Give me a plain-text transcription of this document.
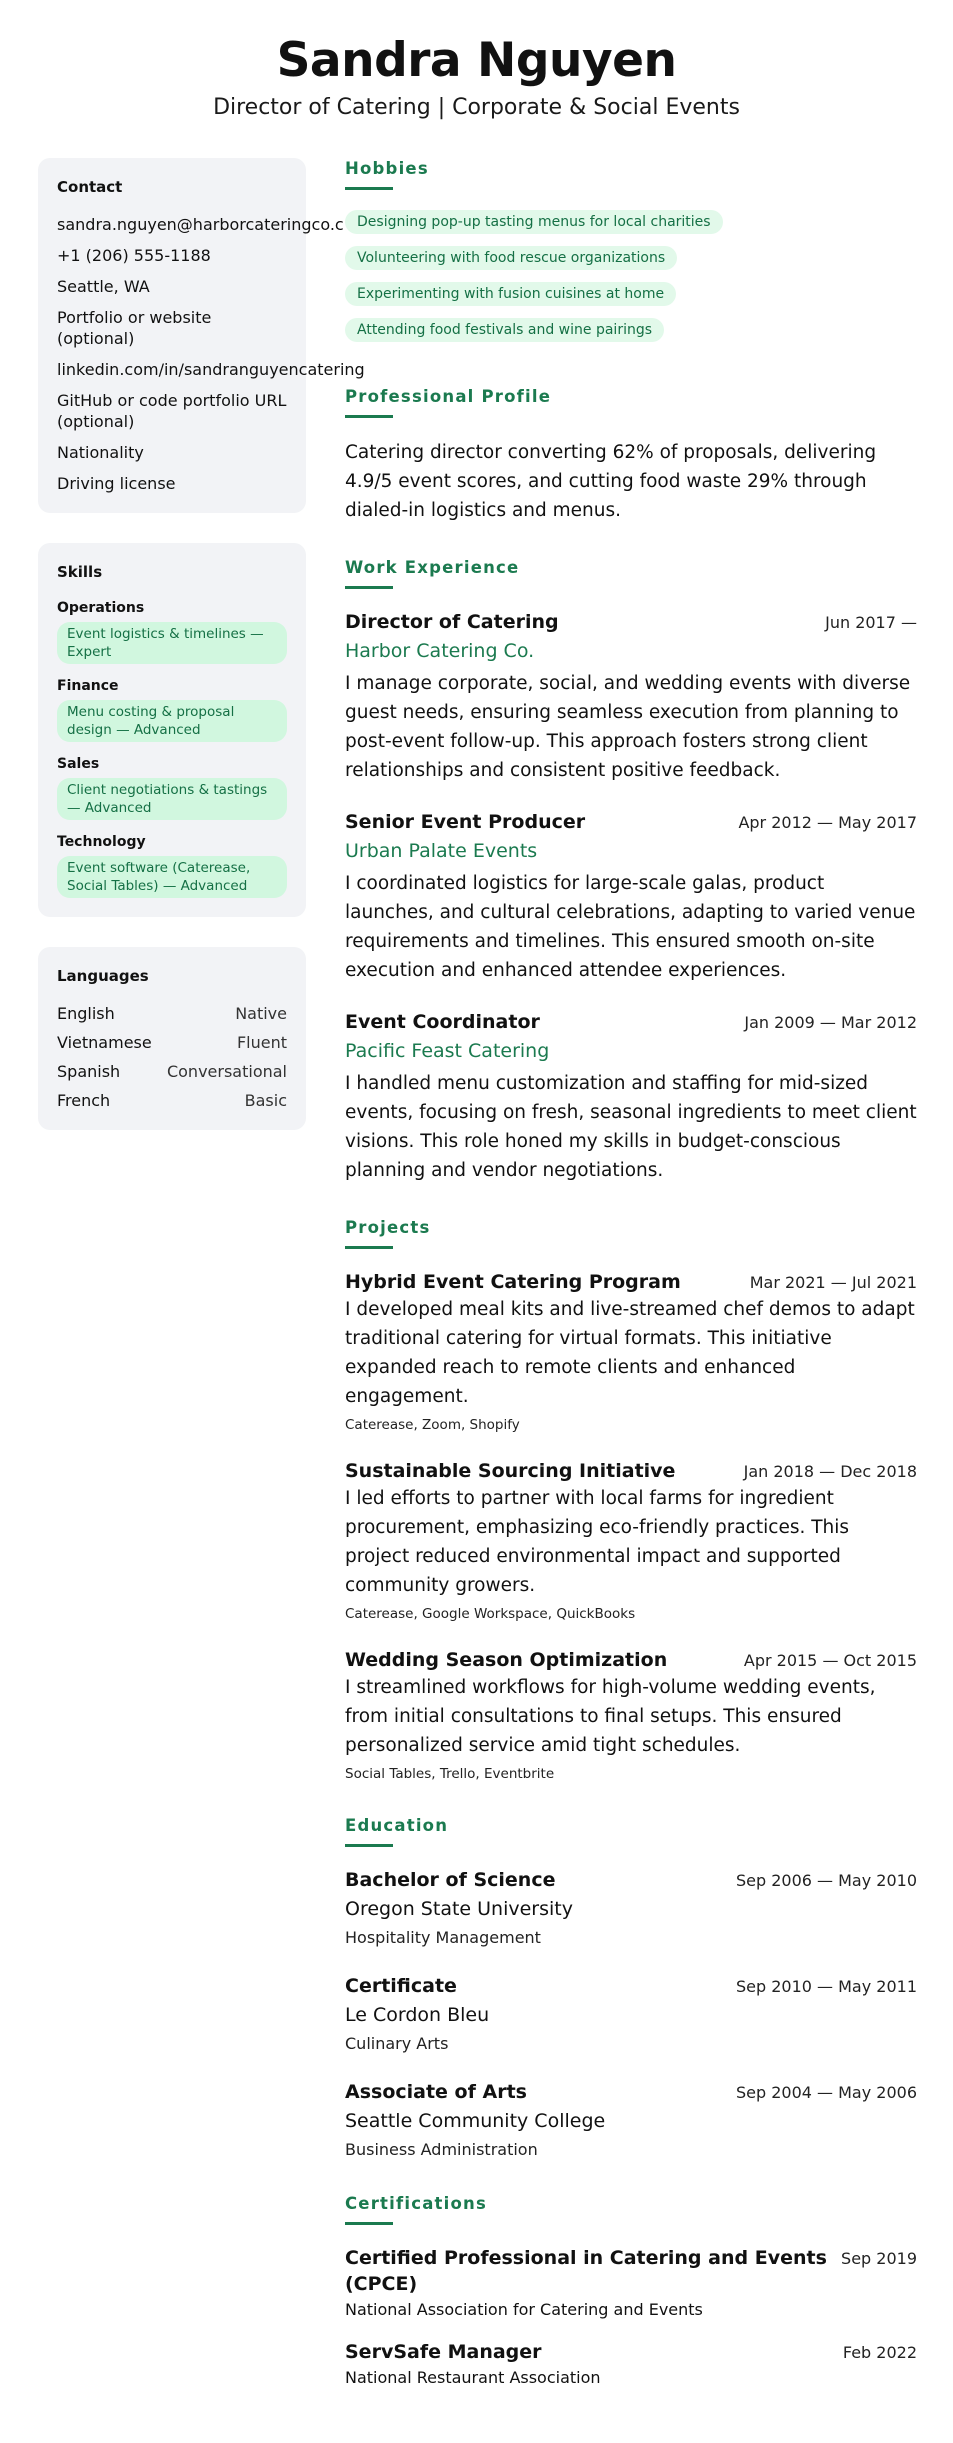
Sandra Nguyen
Director of Catering | Corporate & Social Events
Contact
sandra.nguyen@harborcateringco.c
+1 (206) 555-1188
Seattle, WA
Portfolio or website (optional)
linkedin.com/in/sandranguyencatering
GitHub or code portfolio URL (optional)
Nationality
Driving license
Skills
Operations
Event logistics & timelines — Expert
Finance
Menu costing & proposal design — Advanced
Sales
Client negotiations & tastings — Advanced
Technology
Event software (Caterease, Social Tables) — Advanced
Languages
English	Native
Vietnamese	Fluent
Spanish	Conversational
French	Basic
Hobbies
Designing pop-up tasting menus for local charities
Volunteering with food rescue organizations
Experimenting with fusion cuisines at home
Attending food festivals and wine pairings
Professional Profile

Catering director converting 62% of proposals, delivering 4.9/5 event scores, and cutting food waste 29% through dialed-in logistics and menus.

Work Experience
Director of Catering	Jun 2017 —
Harbor Catering Co.

I manage corporate, social, and wedding events with diverse guest needs, ensuring seamless execution from planning to post-event follow-up. This approach fosters strong client relationships and consistent positive feedback.

Senior Event Producer	Apr 2012 — May 2017
Urban Palate Events

I coordinated logistics for large-scale galas, product launches, and cultural celebrations, adapting to varied venue requirements and timelines. This ensured smooth on-site execution and enhanced attendee experiences.

Event Coordinator	Jan 2009 — Mar 2012
Pacific Feast Catering

I handled menu customization and staffing for mid-sized events, focusing on fresh, seasonal ingredients to meet client visions. This role honed my skills in budget-conscious planning and vendor negotiations.

Projects
Hybrid Event Catering Program	Mar 2021 — Jul 2021

I developed meal kits and live-streamed chef demos to adapt traditional catering for virtual formats. This initiative expanded reach to remote clients and enhanced engagement.

Caterease, Zoom, Shopify
Sustainable Sourcing Initiative	Jan 2018 — Dec 2018

I led efforts to partner with local farms for ingredient procurement, emphasizing eco-friendly practices. This project reduced environmental impact and supported community growers.

Caterease, Google Workspace, QuickBooks
Wedding Season Optimization	Apr 2015 — Oct 2015

I streamlined workflows for high-volume wedding events, from initial consultations to final setups. This ensured personalized service amid tight schedules.

Social Tables, Trello, Eventbrite
Education
Bachelor of Science	Sep 2006 — May 2010
Oregon State University
Hospitality Management
Certificate	Sep 2010 — May 2011
Le Cordon Bleu
Culinary Arts
Associate of Arts	Sep 2004 — May 2006
Seattle Community College
Business Administration
Certifications
Certified Professional in Catering and Events (CPCE)
Sep 2019
National Association for Catering and Events
ServSafe Manager	Feb 2022
National Restaurant Association
